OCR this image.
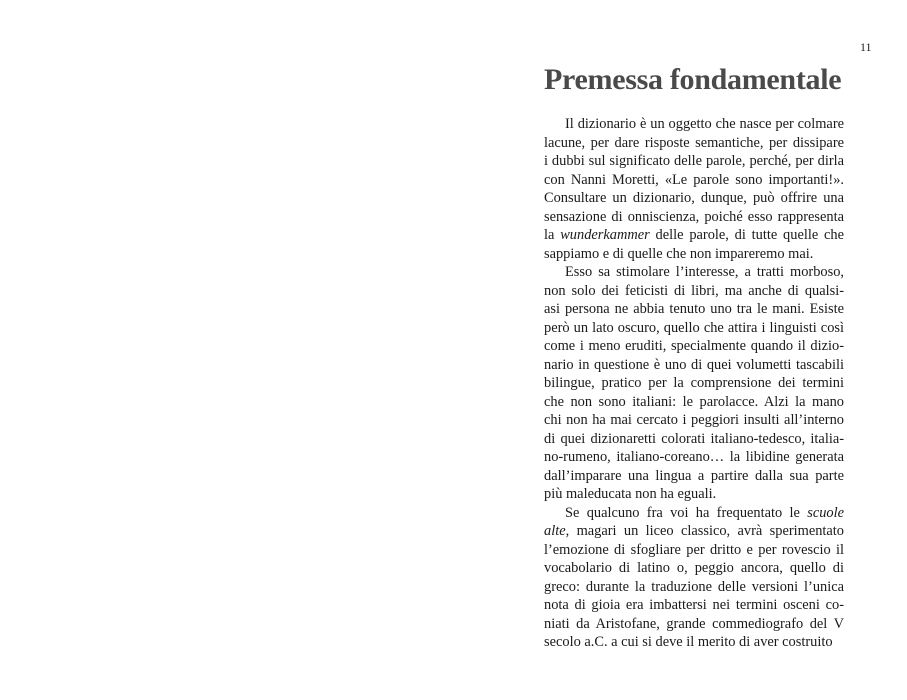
11
Premessa fondamentale

Il dizionario è un oggetto che nasce per colmare
lacune, per dare risposte semantiche, per dissipare
i dubbi sul significato delle parole, perché, per dirla
con Nanni Moretti, «Le parole sono importanti!».
Consultare un dizionario, dunque, può offrire una
sensazione di onniscienza, poiché esso rappresenta
la wunderkammer delle parole, di tutte quelle che
sappiamo e di quelle che non impareremo mai.

Esso sa stimolare l’interesse, a tratti morboso,
non solo dei feticisti di libri, ma anche di qualsi-
asi persona ne abbia tenuto uno tra le mani. Esiste
però un lato oscuro, quello che attira i linguisti così
come i meno eruditi, specialmente quando il dizio-
nario in questione è uno di quei volumetti tascabili
bilingue, pratico per la comprensione dei termini
che non sono italiani: le parolacce. Alzi la mano
chi non ha mai cercato i peggiori insulti all’interno
di quei dizionaretti colorati italiano-tedesco, italia-
no-rumeno, italiano-coreano… la libidine generata
dall’imparare una lingua a partire dalla sua parte
più maleducata non ha eguali.

Se qualcuno fra voi ha frequentato le scuole
alte, magari un liceo classico, avrà sperimentato
l’emozione di sfogliare per dritto e per rovescio il
vocabolario di latino o, peggio ancora, quello di
greco: durante la traduzione delle versioni l’unica
nota di gioia era imbattersi nei termini osceni co-
niati da Aristofane, grande commediografo del V
secolo a.C. a cui si deve il merito di aver costruito
